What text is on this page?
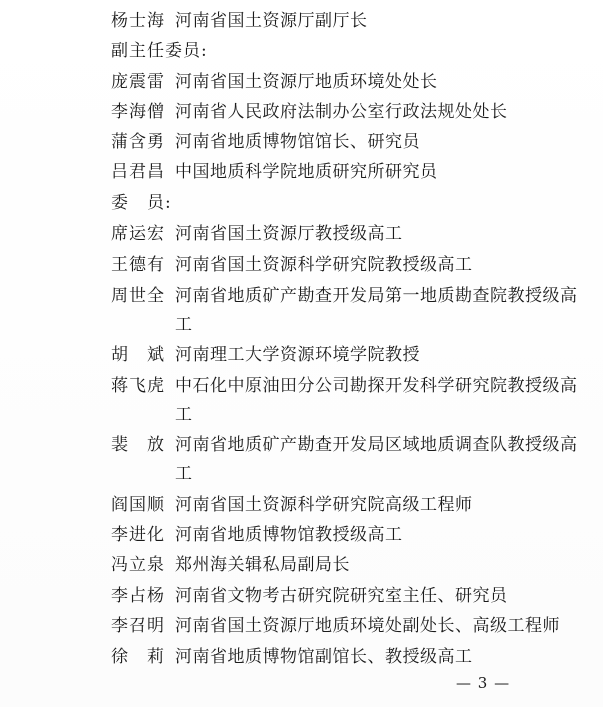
杨士海 河南省国土资源厅副厅长
副主任委员:
庞震雷 河南省国土资源厅地质环境处处长
李海僧 河南省人民政府法制办公室行政法规处处长
蒲含勇 河南省地质博物馆馆长、研究员
吕君昌 中国地质科学院地质研究所研究员
委　员:
席运宏 河南省国土资源厅教授级高工
王德有 河南省国土资源科学研究院教授级高工
周世全 河南省地质矿产勘查开发局第一地质勘查院教授级高工
胡　斌 河南理工大学资源环境学院教授
蒋飞虎 中石化中原油田分公司勘探开发科学研究院教授级高工
裴　放 河南省地质矿产勘查开发局区域地质调查队教授级高工
阎国顺 河南省国土资源科学研究院高级工程师
李进化 河南省地质博物馆教授级高工
冯立泉 郑州海关辑私局副局长
李占杨 河南省文物考古研究院研究室主任、研究员
李召明 河南省国土资源厅地质环境处副处长、高级工程师
徐　莉 河南省地质博物馆副馆长、教授级高工
— 3 —
